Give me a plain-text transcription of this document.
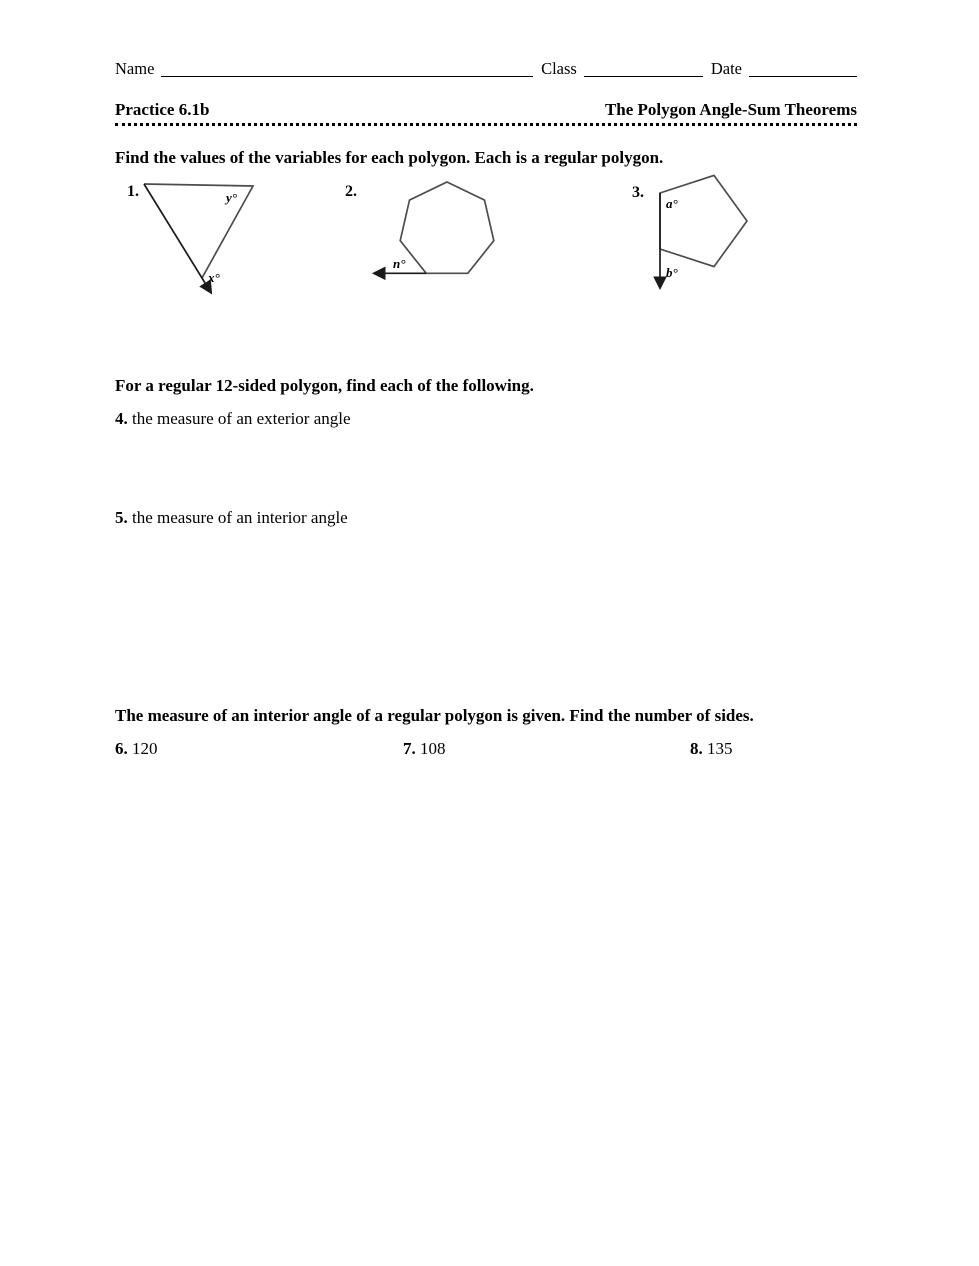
Name	Class	Date
Practice 6.1b	The Polygon Angle-Sum Theorems
Find the values of the variables for each polygon. Each is a regular polygon.
1.	y°
x°
2.
n°
3.
a°
b°
For a regular 12-sided polygon, find each of the following.
4. the measure of an exterior angle
5. the measure of an interior angle
The measure of an interior angle of a regular polygon is given. Find the number of sides.
6. 120	7. 108	8. 135
